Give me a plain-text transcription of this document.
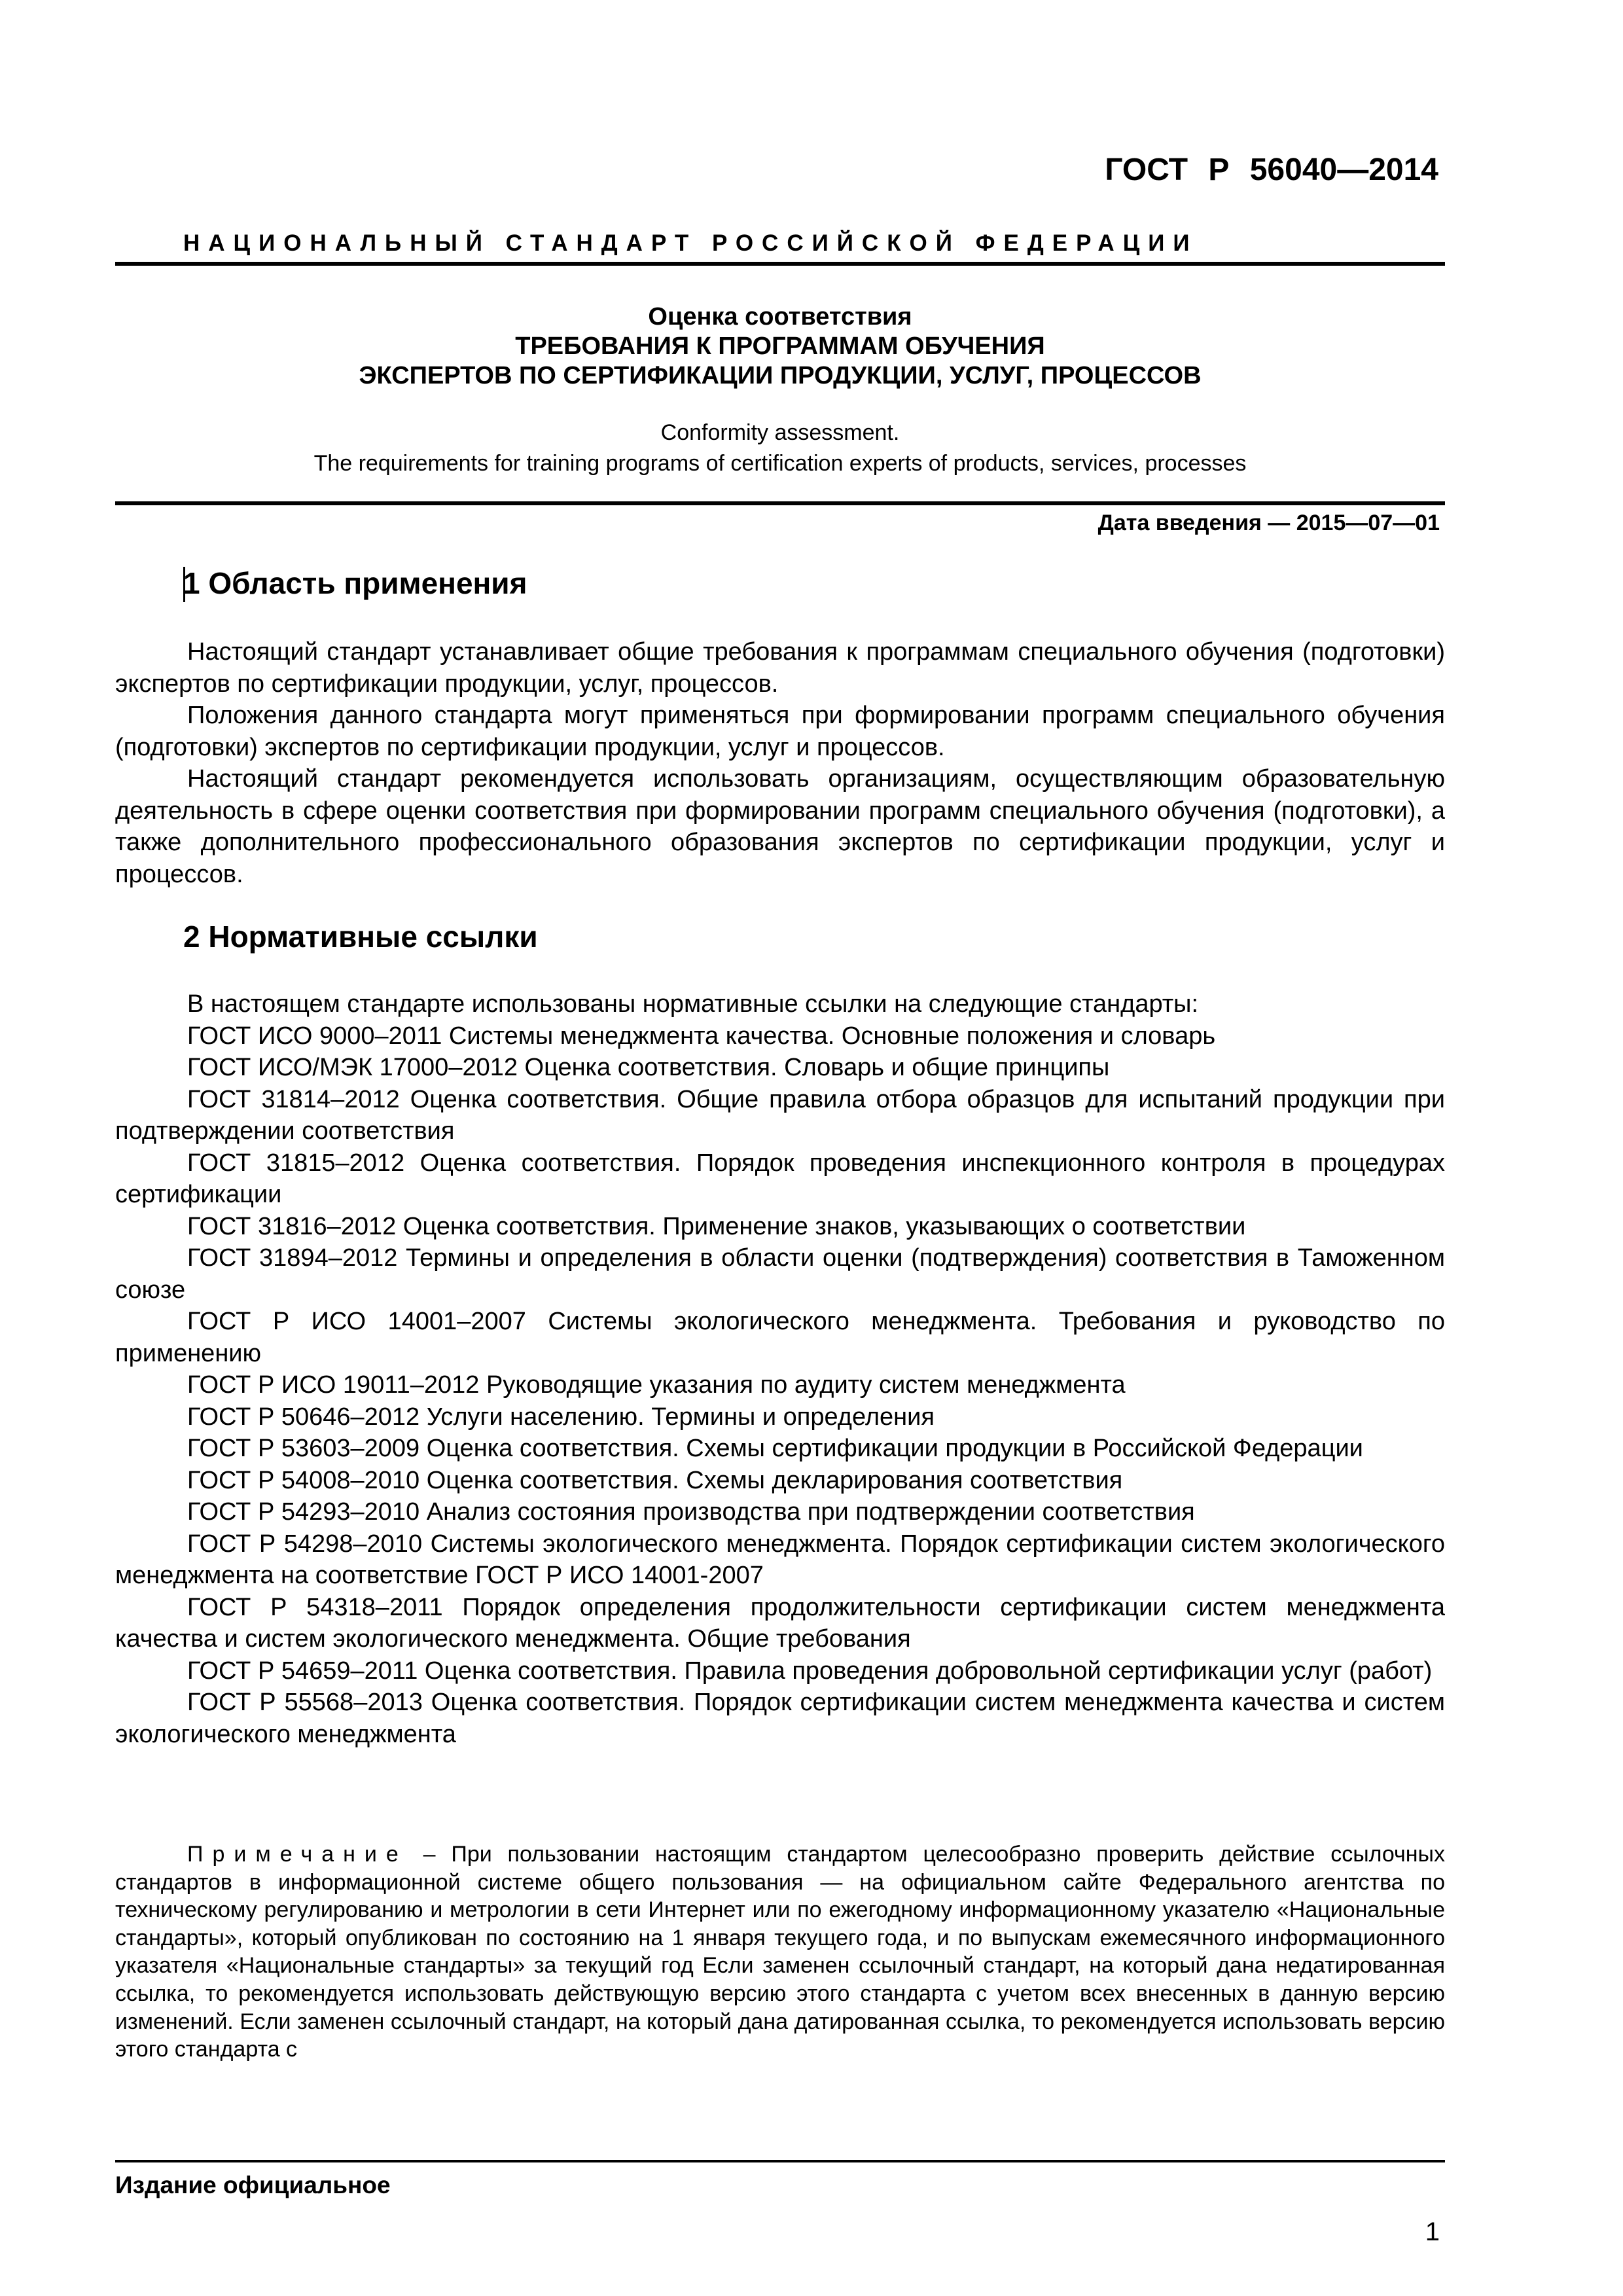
ГОСТ Р 56040—2014
НАЦИОНАЛЬНЫЙ СТАНДАРТ РОССИЙСКОЙ ФЕДЕРАЦИИ
Оценка соответствия
ТРЕБОВАНИЯ К ПРОГРАММАМ ОБУЧЕНИЯ
ЭКСПЕРТОВ ПО СЕРТИФИКАЦИИ ПРОДУКЦИИ, УСЛУГ, ПРОЦЕССОВ
Conformity assessment.
The requirements for training programs of certification experts of products, services, processes
Дата введения — 2015—07—01
1 Область применения

Настоящий стандарт устанавливает общие требования к программам специального обучения (подготовки) экспертов по сертификации продукции, услуг, процессов.

Положения данного стандарта могут применяться при формировании программ специального обучения (подготовки) экспертов по сертификации продукции, услуг и процессов.

Настоящий стандарт рекомендуется использовать организациям, осуществляющим образовательную деятельность в сфере оценки соответствия при формировании программ специального обучения (подготовки), а также дополнительного профессионального образования экспертов по сертификации продукции, услуг и процессов.

2 Нормативные ссылки

В настоящем стандарте использованы нормативные ссылки на следующие стандарты:

ГОСТ ИСО 9000–2011 Системы менеджмента качества. Основные положения и словарь

ГОСТ ИСО/МЭК 17000–2012 Оценка соответствия. Словарь и общие принципы

ГОСТ 31814–2012 Оценка соответствия. Общие правила отбора образцов для испытаний продукции при подтверждении соответствия

ГОСТ 31815–2012 Оценка соответствия. Порядок проведения инспекционного контроля в процедурах сертификации

ГОСТ 31816–2012 Оценка соответствия. Применение знаков, указывающих о соответствии

ГОСТ 31894–2012 Термины и определения в области оценки (подтверждения) соответствия в Таможенном союзе

ГОСТ Р ИСО 14001–2007 Системы экологического менеджмента. Требования и руководство по применению

ГОСТ Р ИСО 19011–2012 Руководящие указания по аудиту систем менеджмента

ГОСТ Р 50646–2012 Услуги населению. Термины и определения

ГОСТ Р 53603–2009 Оценка соответствия. Схемы сертификации продукции в Российской Федерации

ГОСТ Р 54008–2010 Оценка соответствия. Схемы декларирования соответствия

ГОСТ Р 54293–2010 Анализ состояния производства при подтверждении соответствия

ГОСТ Р 54298–2010 Системы экологического менеджмента. Порядок сертификации систем экологического менеджмента на соответствие ГОСТ Р ИСО 14001-2007

ГОСТ Р 54318–2011 Порядок определения продолжительности сертификации систем менеджмента качества и систем экологического менеджмента. Общие требования

ГОСТ Р 54659–2011 Оценка соответствия. Правила проведения добровольной сертификации услуг (работ)

ГОСТ Р 55568–2013 Оценка соответствия. Порядок сертификации систем менеджмента качества и систем экологического менеджмента

Примечание – При пользовании настоящим стандартом целесообразно проверить действие ссылочных стандартов в информационной системе общего пользования — на официальном сайте Федерального агентства по техническому регулированию и метрологии в сети Интернет или по ежегодному информационному указателю «Национальные стандарты», который опубликован по состоянию на 1 января текущего года, и по выпускам ежемесячного информационного указателя «Национальные стандарты» за текущий год Если заменен ссылочный стандарт, на который дана недатированная ссылка, то рекомендуется использовать действующую версию этого стандарта с учетом всех внесенных в данную версию изменений. Если заменен ссылочный стандарт, на который дана датированная ссылка, то рекомендуется использовать версию этого стандарта с

Издание официальное
1
